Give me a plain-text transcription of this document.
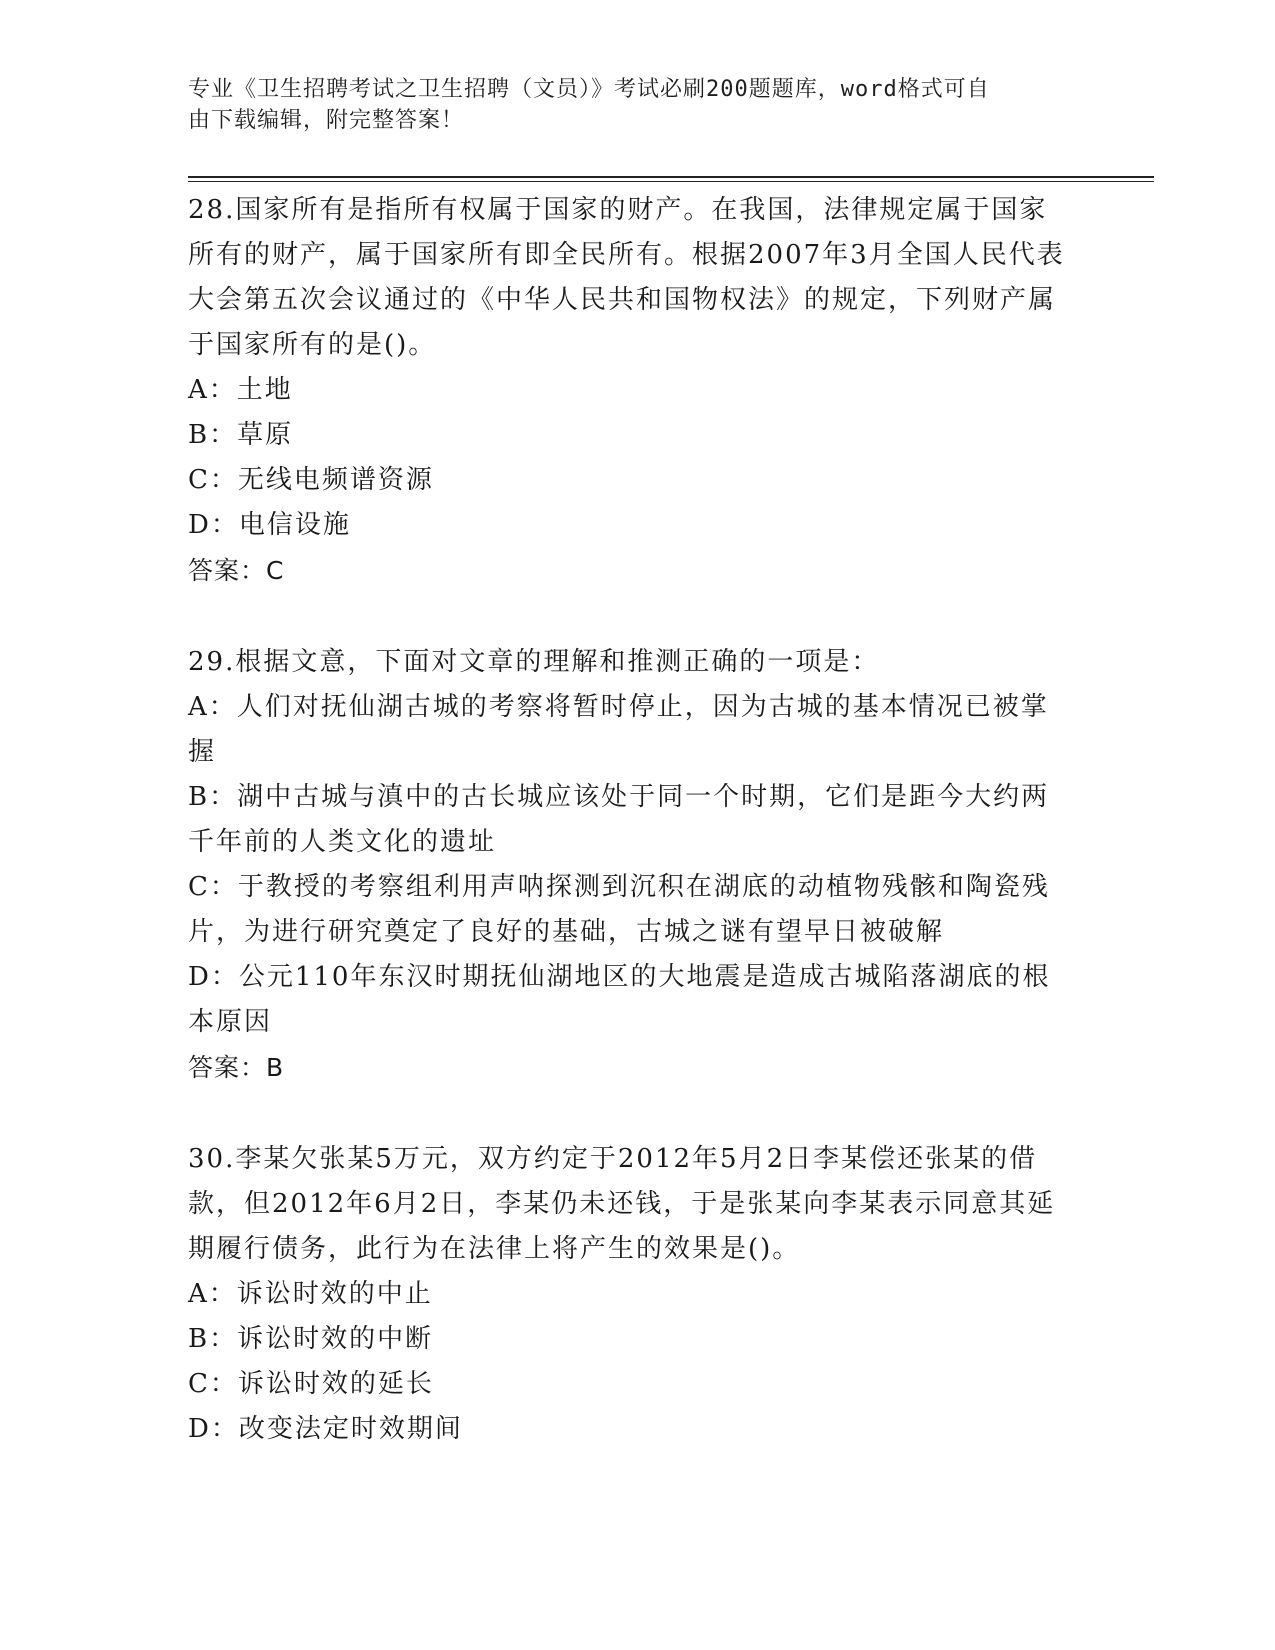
专业《卫生招聘考试之卫生招聘（文员）》考试必刷200题题库，word格式可自
由下载编辑，附完整答案！

28.国家所有是指所有权属于国家的财产。在我国，法律规定属于国家所有的财产，属于国家所有即全民所有。根据2007年3月全国人民代表大会第五次会议通过的《中华人民共和国物权法》的规定，下列财产属于国家所有的是()。

A：土地

B：草原

C：无线电频谱资源

D：电信设施

答案：C

29.根据文意，下面对文章的理解和推测正确的一项是：

A：人们对抚仙湖古城的考察将暂时停止，因为古城的基本情况已被掌握

B：湖中古城与滇中的古长城应该处于同一个时期，它们是距今大约两千年前的人类文化的遗址

C：于教授的考察组利用声呐探测到沉积在湖底的动植物残骸和陶瓷残片，为进行研究奠定了良好的基础，古城之谜有望早日被破解

D：公元110年东汉时期抚仙湖地区的大地震是造成古城陷落湖底的根本原因

答案：B

30.李某欠张某5万元，双方约定于2012年5月2日李某偿还张某的借款，但2012年6月2日，李某仍未还钱，于是张某向李某表示同意其延期履行债务，此行为在法律上将产生的效果是()。

A：诉讼时效的中止

B：诉讼时效的中断

C：诉讼时效的延长

D：改变法定时效期间
